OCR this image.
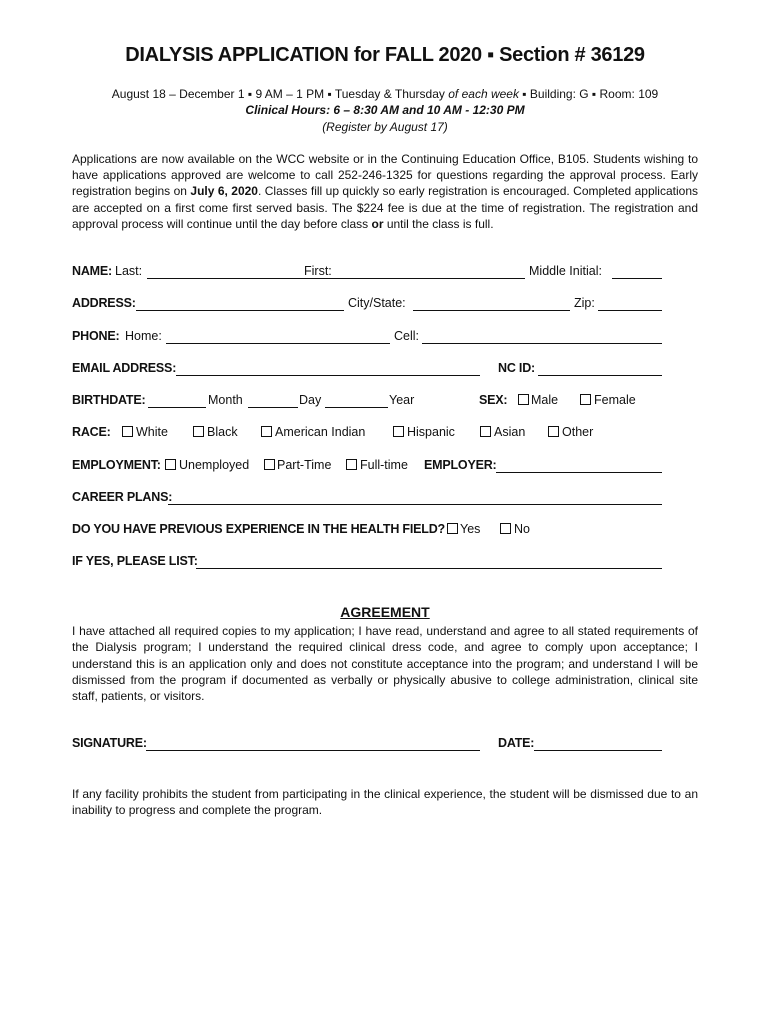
DIALYSIS APPLICATION for FALL 2020 ▪ Section # 36129
August 18 – December 1 ▪ 9 AM – 1 PM ▪ Tuesday & Thursday of each week ▪ Building: G ▪ Room: 109
Clinical Hours: 6 – 8:30 AM and 10 AM - 12:30 PM
(Register by August 17)

Applications are now available on the WCC website or in the Continuing Education Office, B105. Students wishing to have applications approved are welcome to call 252-246-1325 for questions regarding the approval process. Early registration begins on July 6, 2020. Classes fill up quickly so early registration is encouraged. Completed applications are accepted on a first come first served basis. The $224 fee is due at the time of registration. The registration and approval process will continue until the day before class or until the class is full.

NAME: Last:	First:	Middle Initial:
ADDRESS:	City/State:	Zip:
PHONE: Home:	Cell:
EMAIL ADDRESS:	NC ID:
BIRTHDATE:	Month	Day	Year	SEX: Male	Female
RACE: White	Black	American Indian	Hispanic	Asian	Other
EMPLOYMENT: Unemployed Part-Time Full-time EMPLOYER:
CAREER PLANS:
DO YOU HAVE PREVIOUS EXPERIENCE IN THE HEALTH FIELD? Yes	No
IF YES, PLEASE LIST:
AGREEMENT

I have attached all required copies to my application; I have read, understand and agree to all stated requirements of the Dialysis program; I understand the required clinical dress code, and agree to comply upon acceptance; I understand this is an application only and does not constitute acceptance into the program; and understand I will be dismissed from the program if documented as verbally or physically abusive to college administration, clinical site staff, patients, or visitors.

SIGNATURE:	DATE:

If any facility prohibits the student from participating in the clinical experience, the student will be dismissed due to an inability to progress and complete the program.
